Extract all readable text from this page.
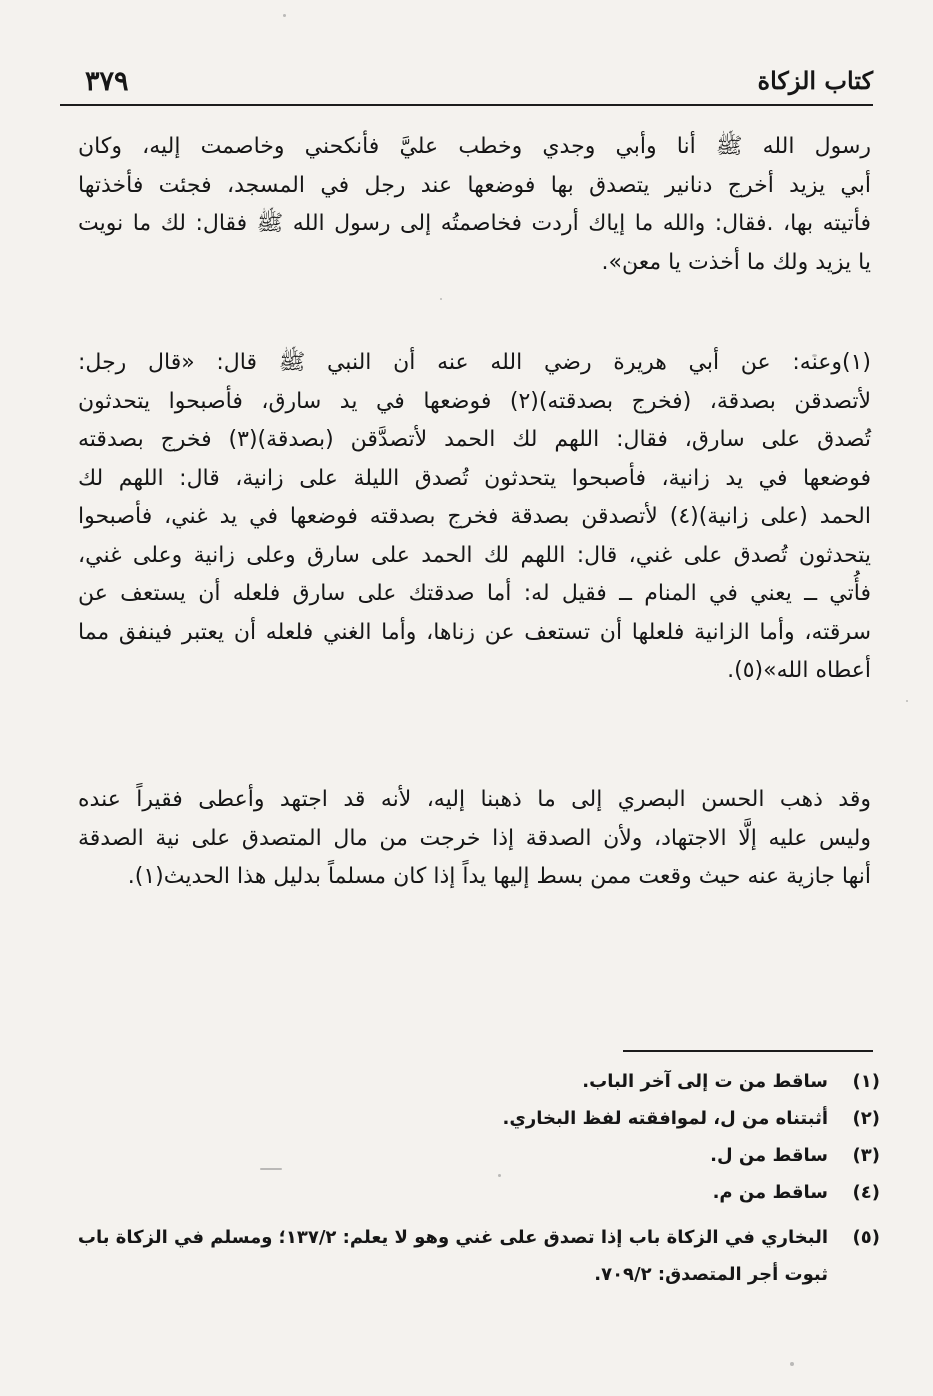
٣٧٩	كتاب الزكاة
رسول الله ﷺ أنا وأبي وجدي وخطب عليَّ فأنكحني وخاصمت إليه، وكان
أبي يزيد أخرج دنانير يتصدق بها فوضعها عند رجل في المسجد، فجئت فأخذتها
فأتيته بها، .فقال: والله ما إياك أردت فخاصمتُه إلى رسول الله ﷺ فقال: لك ما نويت
يا يزيد ولك ما أخذت يا معن».
(١)وعنه: عن أبي هريرة رضي الله عنه أن النبي ﷺ قال: «قال رجل:
لأتصدقن بصدقة، (فخرج بصدقته)(٢) فوضعها في يد سارق، فأصبحوا يتحدثون
تُصدق على سارق، فقال: اللهم لك الحمد لأتصدَّقن (بصدقة)(٣) فخرج بصدقته
فوضعها في يد زانية، فأصبحوا يتحدثون تُصدق الليلة على زانية، قال: اللهم لك
الحمد (على زانية)(٤) لأتصدقن بصدقة فخرج بصدقته فوضعها في يد غني، فأصبحوا
يتحدثون تُصدق على غني، قال: اللهم لك الحمد على سارق وعلى زانية وعلى غني،
فأُتي ــ يعني في المنام ــ فقيل له: أما صدقتك على سارق فلعله أن يستعف عن
سرقته، وأما الزانية فلعلها أن تستعف عن زناها، وأما الغني فلعله أن يعتبر فينفق مما
أعطاه الله»(٥).
وقد ذهب الحسن البصري إلى ما ذهبنا إليه، لأنه قد اجتهد وأعطى فقيراً عنده
وليس عليه إلَّا الاجتهاد، ولأن الصدقة إذا خرجت من مال المتصدق على نية الصدقة
أنها جازية عنه حيث وقعت ممن بسط إليها يداً إذا كان مسلماً بدليل هذا الحديث(١).
(١)ساقط من ت إلى آخر الباب.
(٢)أثبتناه من ل، لموافقته لفظ البخاري.
(٣)ساقط من ل.
(٤)ساقط من م.
(٥)البخاري في الزكاة باب إذا تصدق على غني وهو لا يعلم: ١٣٧/٢؛ ومسلم في الزكاة باب
ثبوت أجر المتصدق: ٧٠٩/٢.
